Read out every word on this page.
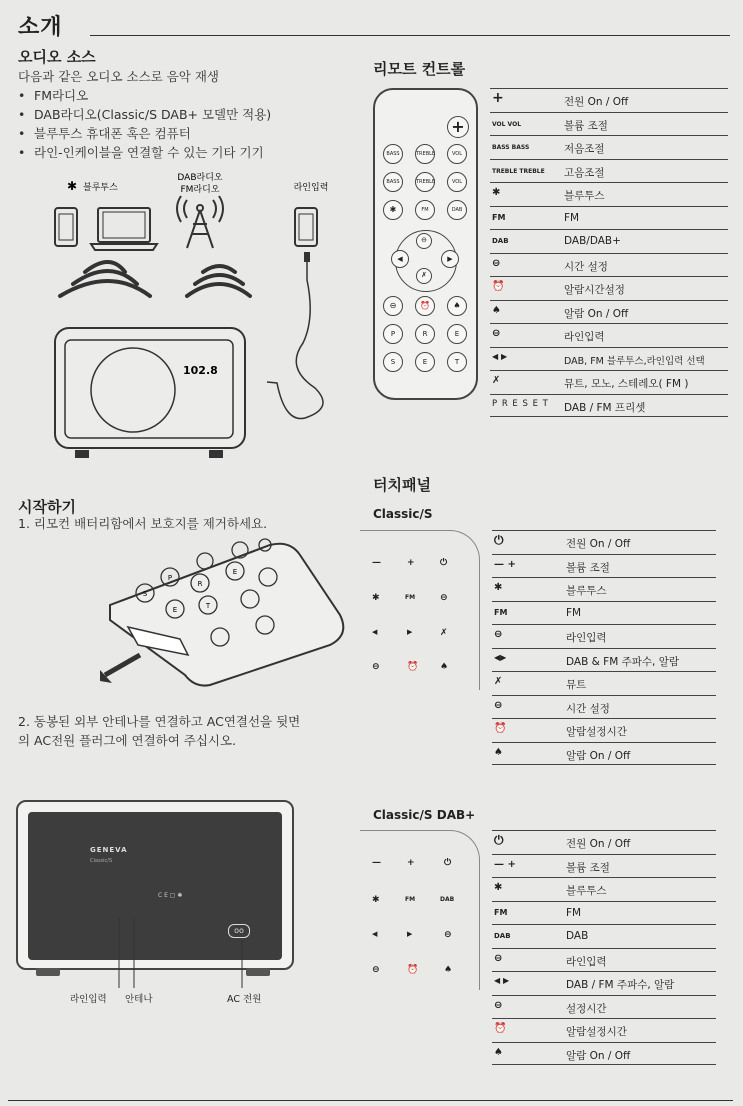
소개
오디오 소스
다음과 같은 오디오 소스로 음악 재생
• FM라디오
• DAB라디오(Classic/S DAB+ 모델만 적용)
• 블루투스 휴대폰 혹은 컴퓨터
• 라인-인케이블을 연결할 수 있는 기타 기기
✱ 블루투스
DAB라디오
FM라디오	라인입력
102.8
시작하기
1. 리모컨 배터리함에서 보호지를 제거하세요.
P
R
E
S
E	T
2. 동봉된 외부 안테나를 연결하고 AC연결선을 뒷면
의 AC전원 플러그에 연결하여 주십시오.
GENEVA
Classic/S
oo
C E ▢ ✱
라인입력 안테나	AC 전원
리모트 컨트롤
+
BASS	TREBLE	VOL
BASS	TREBLE	VOL
✱	FM	DAB
⊖
◀	▶
✗
⊖	⏰	♠
P	R	E
S	E	T
+	전원 On / Off
VOL VOL	볼륨 조절
BASS BASS	저음조절
TREBLE TREBLE	고음조절
✱	블루투스
FM	FM
DAB	DAB/DAB+
⊖	시간 설정
⏰	알람시간설정
♠	알람 On / Off
⊖	라인입력
◀ ▶	DAB, FM 블루투스,라인입력 선택
✗	뮤트, 모노, 스테레오( FM )
P R E S E T	DAB / FM 프리셋
터치패널
Classic/S
—	+	⏻
✱	FM	⊖
◀	▶	✗
⊖	⏰ ♠
⏻	전원 On / Off
— +	볼륨 조절
✱	블루투스
FM	FM
⊖	라인입력
◀▶	DAB & FM 주파수, 알람
✗	뮤트
⊖	시간 설정
⏰	알람설정시간
♠	알람 On / Off
Classic/S DAB+
—	+	⏻
✱	FM	DAB
◀	▶	⊖
⊖	⏰	♠
⏻	전원 On / Off
— +	볼륨 조절
✱	블루투스
FM	FM
DAB	DAB
⊖	라인입력
◀ ▶	DAB / FM 주파수, 알람
⊖	설정시간
⏰	알람설정시간
♠	알람 On / Off
